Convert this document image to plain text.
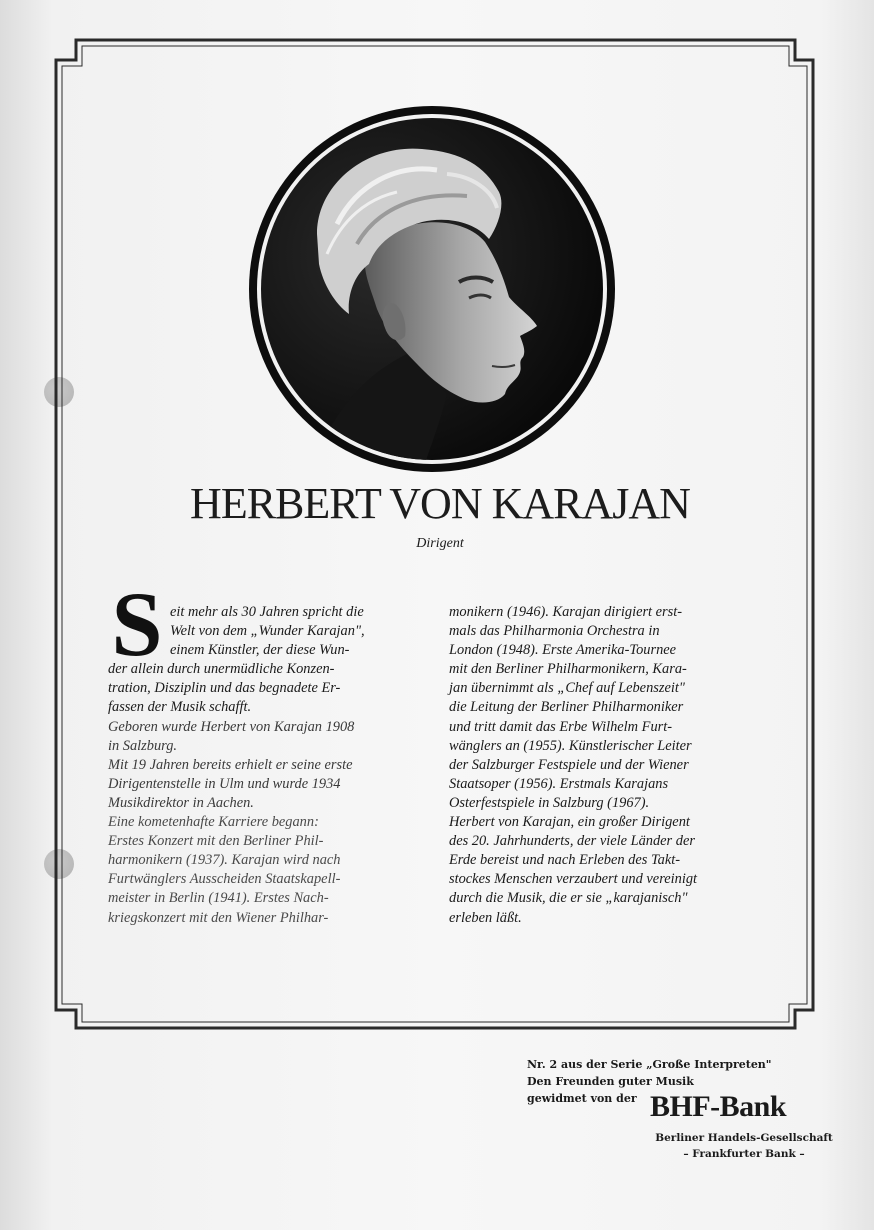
HERBERT VON KARAJAN
Dirigent
S eit mehr als 30 Jahren spricht die
Welt von dem „Wunder Karajan",
einem Künstler, der diese Wun-
der allein durch unermüdliche Konzen-
tration, Disziplin und das begnadete Er-
fassen der Musik schafft.
Geboren wurde Herbert von Karajan 1908
in Salzburg.
Mit 19 Jahren bereits erhielt er seine erste
Dirigentenstelle in Ulm und wurde 1934
Musikdirektor in Aachen.
Eine kometenhafte Karriere begann:
Erstes Konzert mit den Berliner Phil-
harmonikern (1937). Karajan wird nach
Furtwänglers Ausscheiden Staatskapell-
meister in Berlin (1941). Erstes Nach-
kriegskonzert mit den Wiener Philhar-
monikern (1946). Karajan dirigiert erst-
mals das Philharmonia Orchestra in
London (1948). Erste Amerika-Tournee
mit den Berliner Philharmonikern, Kara-
jan übernimmt als „Chef auf Lebenszeit"
die Leitung der Berliner Philharmoniker
und tritt damit das Erbe Wilhelm Furt-
wänglers an (1955). Künstlerischer Leiter
der Salzburger Festspiele und der Wiener
Staatsoper (1956). Erstmals Karajans
Osterfestspiele in Salzburg (1967).
Herbert von Karajan, ein großer Dirigent
des 20. Jahrhunderts, der viele Länder der
Erde bereist und nach Erleben des Takt-
stockes Menschen verzaubert und vereinigt
durch die Musik, die er sie „karajanisch"
erleben läßt.
Nr. 2 aus der Serie „Große Interpreten"
Den Freunden guter Musik
gewidmet von der BHF-Bank
Berliner Handels-Gesellschaft
– Frankfurter Bank –
